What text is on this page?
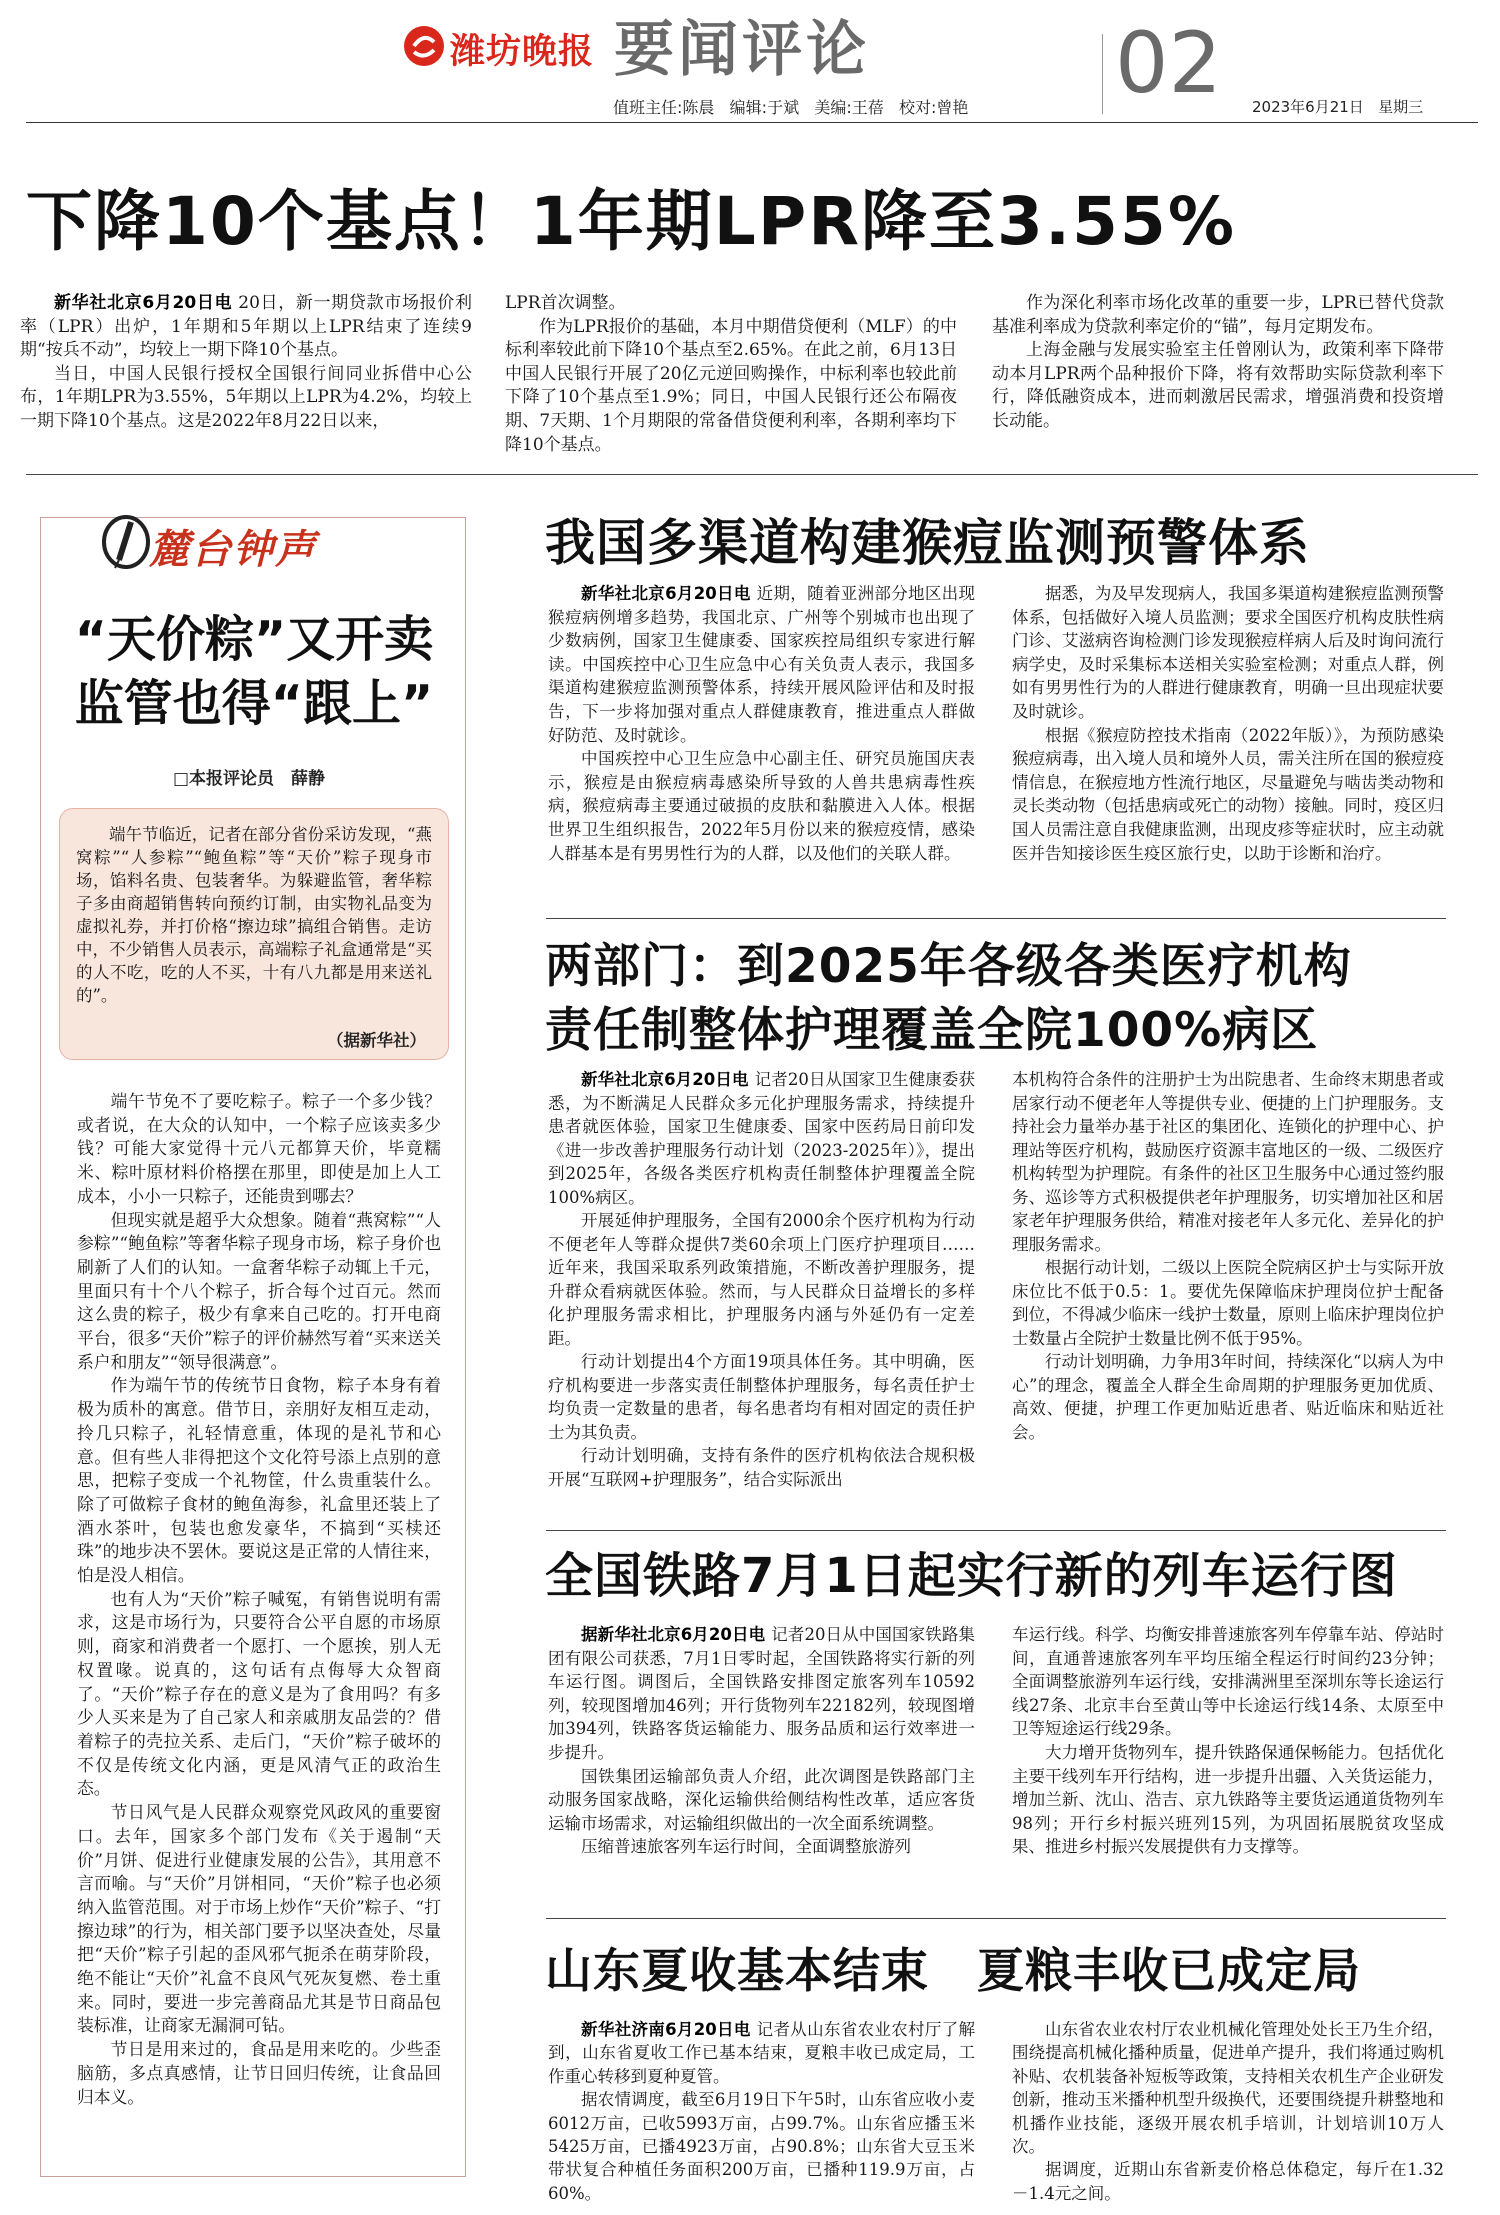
潍坊晚报 要闻评论	02
值班主任:陈晨 编辑:于斌 美编:王蓓 校对:曾艳	2023年6月21日 星期三
下降10个基点！1年期LPR降至3.55%

新华社北京6月20日电 20日，新一期贷款市场报价利率（LPR）出炉，1年期和5年期以上LPR结束了连续9期“按兵不动”，均较上一期下降10个基点。

当日，中国人民银行授权全国银行间同业拆借中心公布，1年期LPR为3.55%，5年期以上LPR为4.2%，均较上一期下降10个基点。这是2022年8月22日以来，

LPR首次调整。

作为LPR报价的基础，本月中期借贷便利（MLF）的中标利率较此前下降10个基点至2.65%。在此之前，6月13日中国人民银行开展了20亿元逆回购操作，中标利率也较此前下降了10个基点至1.9%；同日，中国人民银行还公布隔夜期、7天期、1个月期限的常备借贷便利利率，各期利率均下降10个基点。

作为深化利率市场化改革的重要一步，LPR已替代贷款基准利率成为贷款利率定价的“锚”，每月定期发布。

上海金融与发展实验室主任曾刚认为，政策利率下降带动本月LPR两个品种报价下降，将有效帮助实际贷款利率下行，降低融资成本，进而刺激居民需求，增强消费和投资增长动能。

麓台钟声
“天价粽”又开卖
监管也得“跟上”
□本报评论员　薛静

端午节临近，记者在部分省份采访发现，“燕窝粽”“人参粽”“鲍鱼粽”等“天价”粽子现身市场，馅料名贵、包装奢华。为躲避监管，奢华粽子多由商超销售转向预约订制，由实物礼品变为虚拟礼券，并打价格“擦边球”搞组合销售。走访中，不少销售人员表示，高端粽子礼盒通常是“买的人不吃，吃的人不买，十有八九都是用来送礼的”。

（据新华社）

端午节免不了要吃粽子。粽子一个多少钱？或者说，在大众的认知中，一个粽子应该卖多少钱？可能大家觉得十元八元都算天价，毕竟糯米、粽叶原材料价格摆在那里，即使是加上人工成本，小小一只粽子，还能贵到哪去？

但现实就是超乎大众想象。随着“燕窝粽”“人参粽”“鲍鱼粽”等奢华粽子现身市场，粽子身价也刷新了人们的认知。一盒奢华粽子动辄上千元，里面只有十个八个粽子，折合每个过百元。然而这么贵的粽子，极少有拿来自己吃的。打开电商平台，很多“天价”粽子的评价赫然写着“买来送关系户和朋友”“领导很满意”。

作为端午节的传统节日食物，粽子本身有着极为质朴的寓意。借节日，亲朋好友相互走动，拎几只粽子，礼轻情意重，体现的是礼节和心意。但有些人非得把这个文化符号添上点别的意思，把粽子变成一个礼物筐，什么贵重装什么。除了可做粽子食材的鲍鱼海参，礼盒里还装上了酒水茶叶，包装也愈发豪华，不搞到“买椟还珠”的地步决不罢休。要说这是正常的人情往来，怕是没人相信。

也有人为“天价”粽子喊冤，有销售说明有需求，这是市场行为，只要符合公平自愿的市场原则，商家和消费者一个愿打、一个愿挨，别人无权置喙。说真的，这句话有点侮辱大众智商了。“天价”粽子存在的意义是为了食用吗？有多少人买来是为了自己家人和亲戚朋友品尝的？借着粽子的壳拉关系、走后门，“天价”粽子破坏的不仅是传统文化内涵，更是风清气正的政治生态。

节日风气是人民群众观察党风政风的重要窗口。去年，国家多个部门发布《关于遏制“天价”月饼、促进行业健康发展的公告》，其用意不言而喻。与“天价”月饼相同，“天价”粽子也必须纳入监管范围。对于市场上炒作“天价”粽子、“打擦边球”的行为，相关部门要予以坚决查处，尽量把“天价”粽子引起的歪风邪气扼杀在萌芽阶段，绝不能让“天价”礼盒不良风气死灰复燃、卷土重来。同时，要进一步完善商品尤其是节日商品包装标准，让商家无漏洞可钻。

节日是用来过的，食品是用来吃的。少些歪脑筋，多点真感情，让节日回归传统，让食品回归本义。

我国多渠道构建猴痘监测预警体系

新华社北京6月20日电 近期，随着亚洲部分地区出现猴痘病例增多趋势，我国北京、广州等个别城市也出现了少数病例，国家卫生健康委、国家疾控局组织专家进行解读。中国疾控中心卫生应急中心有关负责人表示，我国多渠道构建猴痘监测预警体系，持续开展风险评估和及时报告，下一步将加强对重点人群健康教育，推进重点人群做好防范、及时就诊。

中国疾控中心卫生应急中心副主任、研究员施国庆表示，猴痘是由猴痘病毒感染所导致的人兽共患病毒性疾病，猴痘病毒主要通过破损的皮肤和黏膜进入人体。根据世界卫生组织报告，2022年5月份以来的猴痘疫情，感染人群基本是有男男性行为的人群，以及他们的关联人群。

据悉，为及早发现病人，我国多渠道构建猴痘监测预警体系，包括做好入境人员监测；要求全国医疗机构皮肤性病门诊、艾滋病咨询检测门诊发现猴痘样病人后及时询问流行病学史，及时采集标本送相关实验室检测；对重点人群，例如有男男性行为的人群进行健康教育，明确一旦出现症状要及时就诊。

根据《猴痘防控技术指南（2022年版）》，为预防感染猴痘病毒，出入境人员和境外人员，需关注所在国的猴痘疫情信息，在猴痘地方性流行地区，尽量避免与啮齿类动物和灵长类动物（包括患病或死亡的动物）接触。同时，疫区归国人员需注意自我健康监测，出现皮疹等症状时，应主动就医并告知接诊医生疫区旅行史，以助于诊断和治疗。

两部门：到2025年各级各类医疗机构
责任制整体护理覆盖全院100%病区

新华社北京6月20日电 记者20日从国家卫生健康委获悉，为不断满足人民群众多元化护理服务需求，持续提升患者就医体验，国家卫生健康委、国家中医药局日前印发《进一步改善护理服务行动计划（2023-2025年）》，提出到2025年，各级各类医疗机构责任制整体护理覆盖全院100%病区。

开展延伸护理服务，全国有2000余个医疗机构为行动不便老年人等群众提供7类60余项上门医疗护理项目……近年来，我国采取系列政策措施，不断改善护理服务，提升群众看病就医体验。然而，与人民群众日益增长的多样化护理服务需求相比，护理服务内涵与外延仍有一定差距。

行动计划提出4个方面19项具体任务。其中明确，医疗机构要进一步落实责任制整体护理服务，每名责任护士均负责一定数量的患者，每名患者均有相对固定的责任护士为其负责。

行动计划明确，支持有条件的医疗机构依法合规积极开展“互联网+护理服务”，结合实际派出

本机构符合条件的注册护士为出院患者、生命终末期患者或居家行动不便老年人等提供专业、便捷的上门护理服务。支持社会力量举办基于社区的集团化、连锁化的护理中心、护理站等医疗机构，鼓励医疗资源丰富地区的一级、二级医疗机构转型为护理院。有条件的社区卫生服务中心通过签约服务、巡诊等方式积极提供老年护理服务，切实增加社区和居家老年护理服务供给，精准对接老年人多元化、差异化的护理服务需求。

根据行动计划，二级以上医院全院病区护士与实际开放床位比不低于0.5：1。要优先保障临床护理岗位护士配备到位，不得减少临床一线护士数量，原则上临床护理岗位护士数量占全院护士数量比例不低于95%。

行动计划明确，力争用3年时间，持续深化“以病人为中心”的理念，覆盖全人群全生命周期的护理服务更加优质、高效、便捷，护理工作更加贴近患者、贴近临床和贴近社会。

全国铁路7月1日起实行新的列车运行图

据新华社北京6月20日电 记者20日从中国国家铁路集团有限公司获悉，7月1日零时起，全国铁路将实行新的列车运行图。调图后，全国铁路安排图定旅客列车10592列，较现图增加46列；开行货物列车22182列，较现图增加394列，铁路客货运输能力、服务品质和运行效率进一步提升。

国铁集团运输部负责人介绍，此次调图是铁路部门主动服务国家战略，深化运输供给侧结构性改革，适应客货运输市场需求，对运输组织做出的一次全面系统调整。

压缩普速旅客列车运行时间，全面调整旅游列

车运行线。科学、均衡安排普速旅客列车停靠车站、停站时间，直通普速旅客列车平均压缩全程运行时间约23分钟；全面调整旅游列车运行线，安排满洲里至深圳东等长途运行线27条、北京丰台至黄山等中长途运行线14条、太原至中卫等短途运行线29条。

大力增开货物列车，提升铁路保通保畅能力。包括优化主要干线列车开行结构，进一步提升出疆、入关货运能力，增加兰新、沈山、浩吉、京九铁路等主要货运通道货物列车98列；开行乡村振兴班列15列，为巩固拓展脱贫攻坚成果、推进乡村振兴发展提供有力支撑等。

山东夏收基本结束　夏粮丰收已成定局

新华社济南6月20日电 记者从山东省农业农村厅了解到，山东省夏收工作已基本结束，夏粮丰收已成定局，工作重心转移到夏种夏管。

据农情调度，截至6月19日下午5时，山东省应收小麦6012万亩，已收5993万亩，占99.7%。山东省应播玉米5425万亩，已播4923万亩，占90.8%；山东省大豆玉米带状复合种植任务面积200万亩，已播种119.9万亩，占60%。

山东省农业农村厅农业机械化管理处处长王乃生介绍，围绕提高机械化播种质量，促进单产提升，我们将通过购机补贴、农机装备补短板等政策，支持相关农机生产企业研发创新，推动玉米播种机型升级换代，还要围绕提升耕整地和机播作业技能，逐级开展农机手培训，计划培训10万人次。

据调度，近期山东省新麦价格总体稳定，每斤在1.32－1.4元之间。
